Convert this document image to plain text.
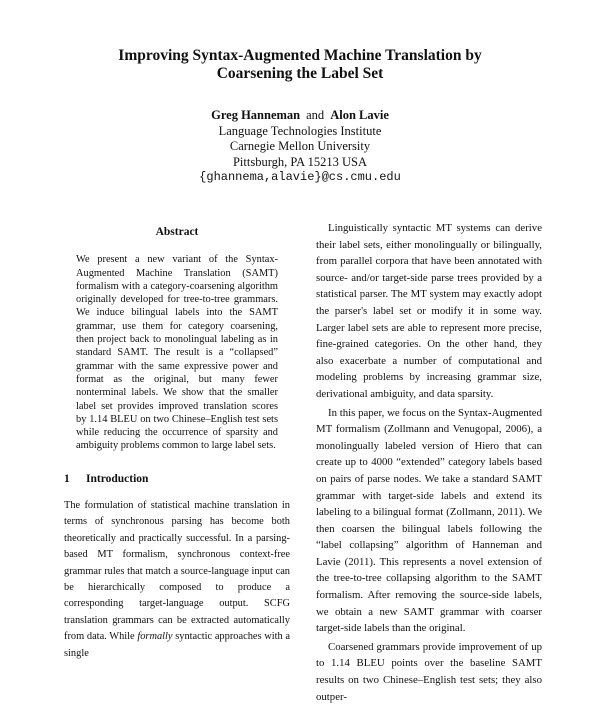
Improving Syntax-Augmented Machine Translation by
Coarsening the Label Set
Greg Hanneman and Alon Lavie
Language Technologies Institute
Carnegie Mellon University
Pittsburgh, PA 15213 USA
{ghannema,alavie}@cs.cmu.edu
Abstract
We present a new variant of the Syntax-Augmented Machine Translation (SAMT) formalism with a category-coarsening algorithm originally developed for tree-to-tree grammars. We induce bilingual labels into the SAMT grammar, use them for category coarsening, then project back to monolingual labeling as in standard SAMT. The result is a “collapsed” grammar with the same expressive power and format as the original, but many fewer nonterminal labels. We show that the smaller label set provides improved translation scores by 1.14 BLEU on two Chinese–English test sets while reducing the occurrence of sparsity and ambiguity problems common to large label sets.
1 Introduction
The formulation of statistical machine translation in terms of synchronous parsing has become both theoretically and practically successful. In a parsing-based MT formalism, synchronous context-free grammar rules that match a source-language input can be hierarchically composed to produce a corresponding target-language output. SCFG translation grammars can be extracted automatically from data. While formally syntactic approaches with a single

Linguistically syntactic MT systems can derive their label sets, either monolingually or bilingually, from parallel corpora that have been annotated with source- and/or target-side parse trees provided by a statistical parser. The MT system may exactly adopt the parser's label set or modify it in some way. Larger label sets are able to represent more precise, fine-grained categories. On the other hand, they also exacerbate a number of computational and modeling problems by increasing grammar size, derivational ambiguity, and data sparsity.

In this paper, we focus on the Syntax-Augmented MT formalism (Zollmann and Venugopal, 2006), a monolingually labeled version of Hiero that can create up to 4000 “extended” category labels based on pairs of parse nodes. We take a standard SAMT grammar with target-side labels and extend its labeling to a bilingual format (Zollmann, 2011). We then coarsen the bilingual labels following the “label collapsing” algorithm of Hanneman and Lavie (2011). This represents a novel extension of the tree-to-tree collapsing algorithm to the SAMT formalism. After removing the source-side labels, we obtain a new SAMT grammar with coarser target-side labels than the original.

Coarsened grammars provide improvement of up to 1.14 BLEU points over the baseline SAMT results on two Chinese–English test sets; they also outper-
